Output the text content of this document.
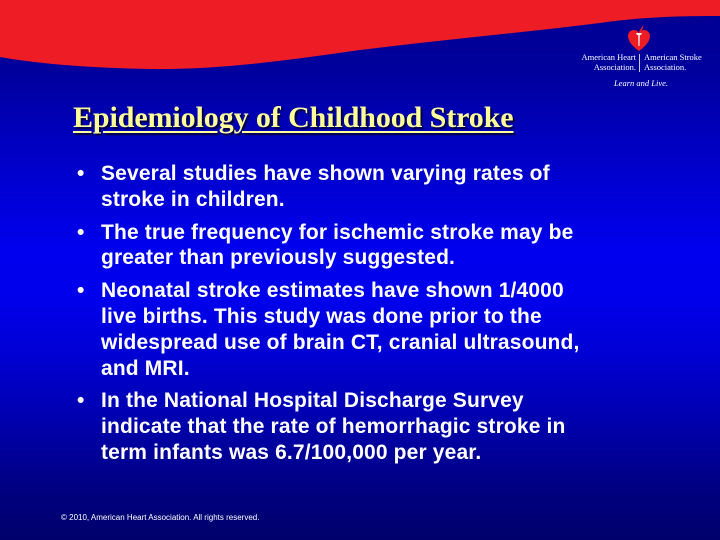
American Heart
Association.
American Stroke
Association.
Learn and Live.
Epidemiology of Childhood Stroke
• Several studies have shown varying rates of
stroke in children.
• The true frequency for ischemic stroke may be
greater than previously suggested.
• Neonatal stroke estimates have shown 1/4000
live births. This study was done prior to the
widespread use of brain CT, cranial ultrasound,
and MRI.
• In the National Hospital Discharge Survey
indicate that the rate of hemorrhagic stroke in
term infants was 6.7/100,000 per year.
© 2010, American Heart Association. All rights reserved.
